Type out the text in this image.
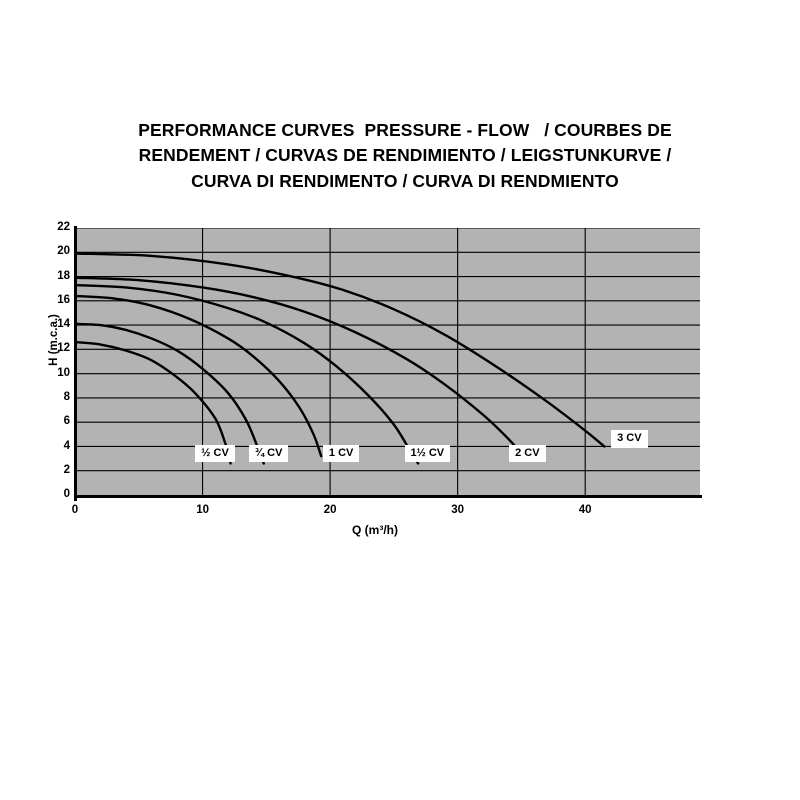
PERFORMANCE CURVES  PRESSURE - FLOW   / COURBES DE
RENDEMENT / CURVAS DE RENDIMIENTO / LEIGSTUNKURVE /
CURVA DI RENDIMENTO / CURVA DI RENDMIENTO
22
20
18
16
14
12
10
8
6
4
2
0
0	10	20	30	40
H (m.c.a.)
Q (m³/h)
½ CV	¾ CV	1 CV	1½ CV	2 CV
3 CV
